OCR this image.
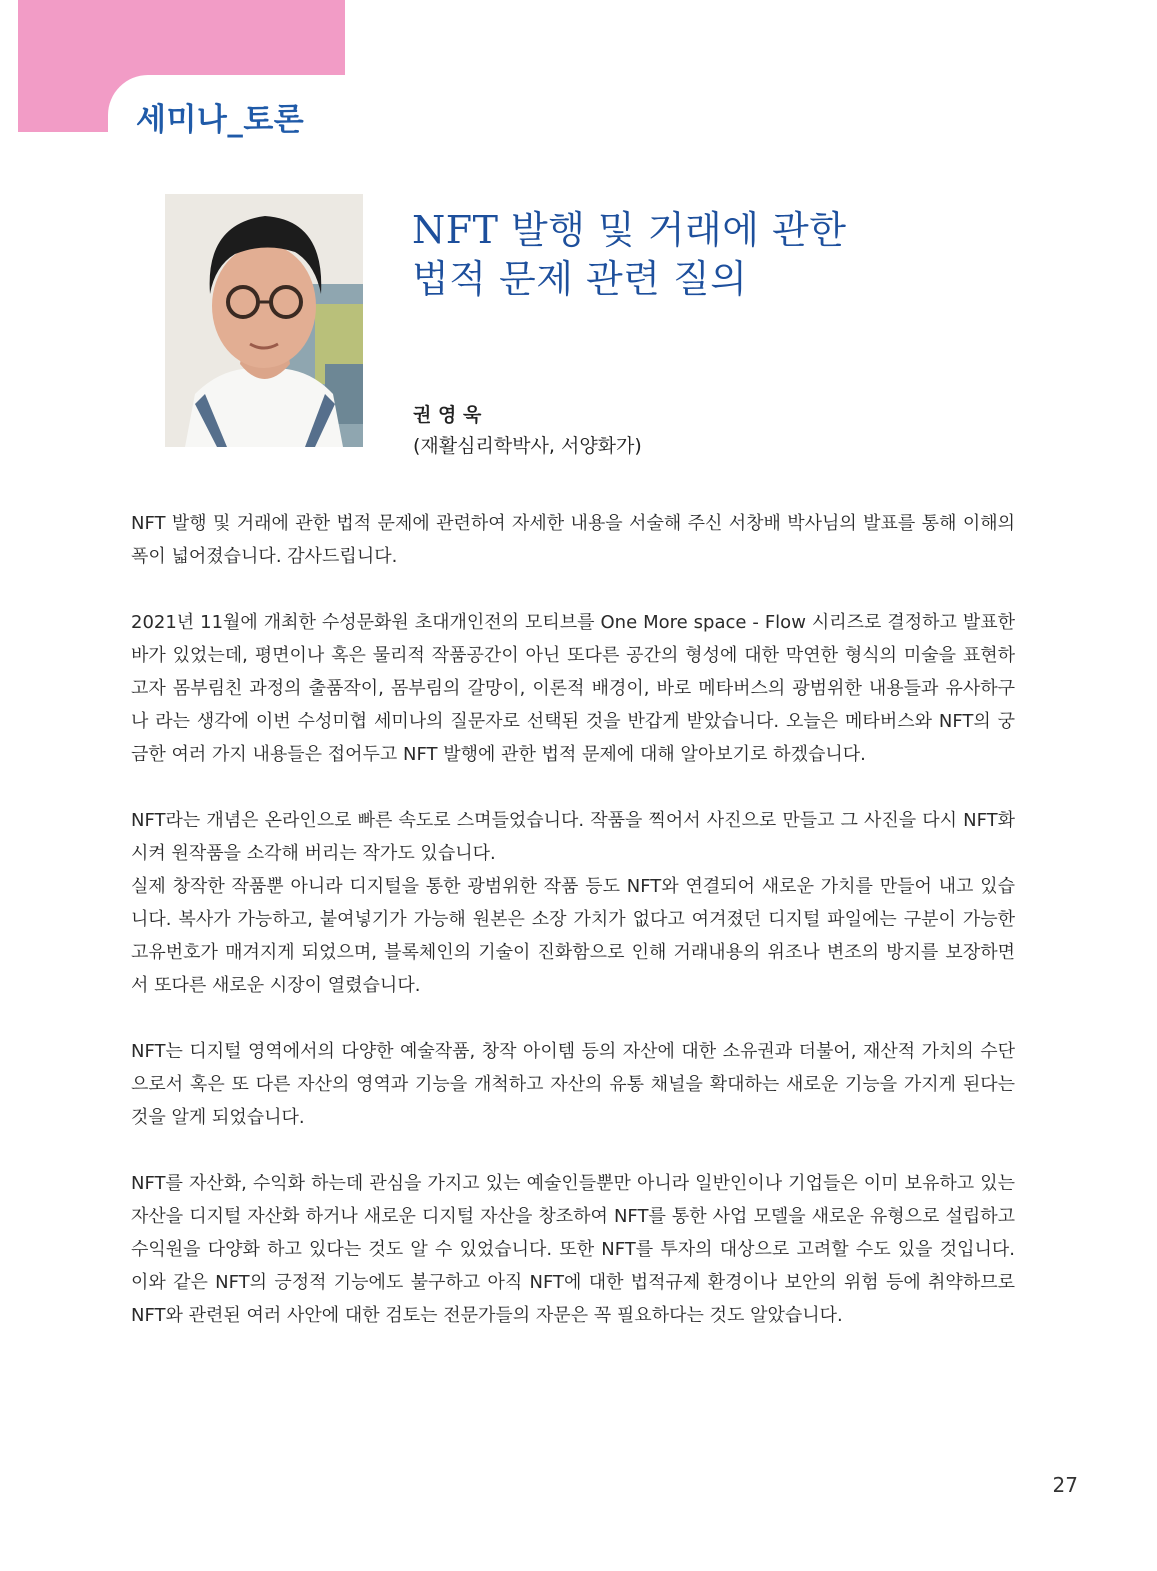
세미나_토론
NFT 발행 및 거래에 관한
법적 문제 관련 질의
권 영 욱
(재활심리학박사, 서양화가)

NFT 발행 및 거래에 관한 법적 문제에 관련하여 자세한 내용을 서술해 주신 서창배 박사님의 발표를 통해 이해의 폭이 넓어졌습니다. 감사드립니다.

2021년 11월에 개최한 수성문화원 초대개인전의 모티브를 One More space - Flow 시리즈로 결정하고 발표한 바가 있었는데, 평면이나 혹은 물리적 작품공간이 아닌 또다른 공간의 형성에 대한 막연한 형식의 미술을 표현하고자 몸부림친 과정의 출품작이, 몸부림의 갈망이, 이론적 배경이, 바로 메타버스의 광범위한 내용들과 유사하구나 라는 생각에 이번 수성미협 세미나의 질문자로 선택된 것을 반갑게 받았습니다. 오늘은 메타버스와 NFT의 궁금한 여러 가지 내용들은 접어두고 NFT 발행에 관한 법적 문제에 대해 알아보기로 하겠습니다.

NFT라는 개념은 온라인으로 빠른 속도로 스며들었습니다. 작품을 찍어서 사진으로 만들고 그 사진을 다시 NFT화 시켜 원작품을 소각해 버리는 작가도 있습니다.

실제 창작한 작품뿐 아니라 디지털을 통한 광범위한 작품 등도 NFT와 연결되어 새로운 가치를 만들어 내고 있습니다. 복사가 가능하고, 붙여넣기가 가능해 원본은 소장 가치가 없다고 여겨졌던 디지털 파일에는 구분이 가능한 고유번호가 매겨지게 되었으며, 블록체인의 기술이 진화함으로 인해 거래내용의 위조나 변조의 방지를 보장하면서 또다른 새로운 시장이 열렸습니다.

NFT는 디지털 영역에서의 다양한 예술작품, 창작 아이템 등의 자산에 대한 소유권과 더불어, 재산적 가치의 수단으로서 혹은 또 다른 자산의 영역과 기능을 개척하고 자산의 유통 채널을 확대하는 새로운 기능을 가지게 된다는 것을 알게 되었습니다.

NFT를 자산화, 수익화 하는데 관심을 가지고 있는 예술인들뿐만 아니라 일반인이나 기업들은 이미 보유하고 있는 자산을 디지털 자산화 하거나 새로운 디지털 자산을 창조하여 NFT를 통한 사업 모델을 새로운 유형으로 설립하고 수익원을 다양화 하고 있다는 것도 알 수 있었습니다. 또한 NFT를 투자의 대상으로 고려할 수도 있을 것입니다. 이와 같은 NFT의 긍정적 기능에도 불구하고 아직 NFT에 대한 법적규제 환경이나 보안의 위험 등에 취약하므로 NFT와 관련된 여러 사안에 대한 검토는 전문가들의 자문은 꼭 필요하다는 것도 알았습니다.

27
